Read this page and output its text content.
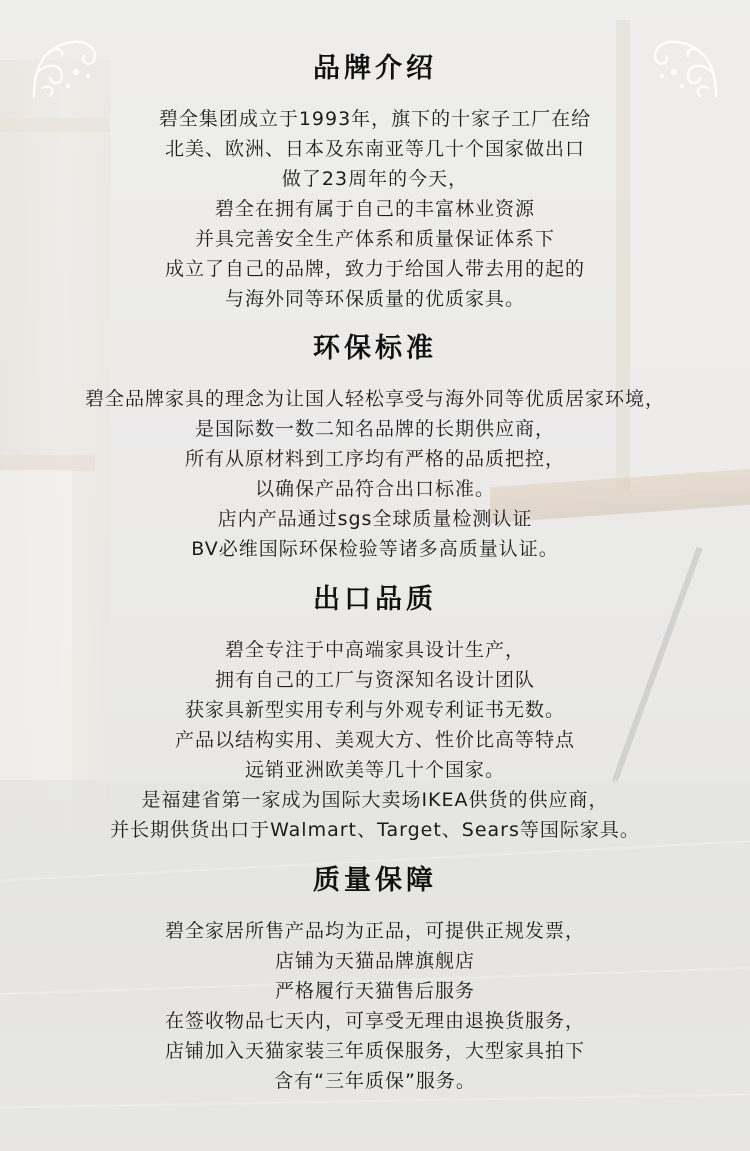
品牌介绍
碧全集团成立于1993年，旗下的十家子工厂在给
北美、欧洲、日本及东南亚等几十个国家做出口
做了23周年的今天，
碧全在拥有属于自己的丰富林业资源
并具完善安全生产体系和质量保证体系下
成立了自己的品牌，致力于给国人带去用的起的
与海外同等环保质量的优质家具。
环保标准
碧全品牌家具的理念为让国人轻松享受与海外同等优质居家环境，
是国际数一数二知名品牌的长期供应商，
所有从原材料到工序均有严格的品质把控，
以确保产品符合出口标准。
店内产品通过sgs全球质量检测认证
BV必维国际环保检验等诸多高质量认证。
出口品质
碧全专注于中高端家具设计生产，
拥有自己的工厂与资深知名设计团队
获家具新型实用专利与外观专利证书无数。
产品以结构实用、美观大方、性价比高等特点
远销亚洲欧美等几十个国家。
是福建省第一家成为国际大卖场IKEA供货的供应商，
并长期供货出口于Walmart、Target、Sears等国际家具。
质量保障
碧全家居所售产品均为正品，可提供正规发票，
店铺为天猫品牌旗舰店
严格履行天猫售后服务
在签收物品七天内，可享受无理由退换货服务，
店铺加入天猫家装三年质保服务，大型家具拍下
含有“三年质保”服务。
